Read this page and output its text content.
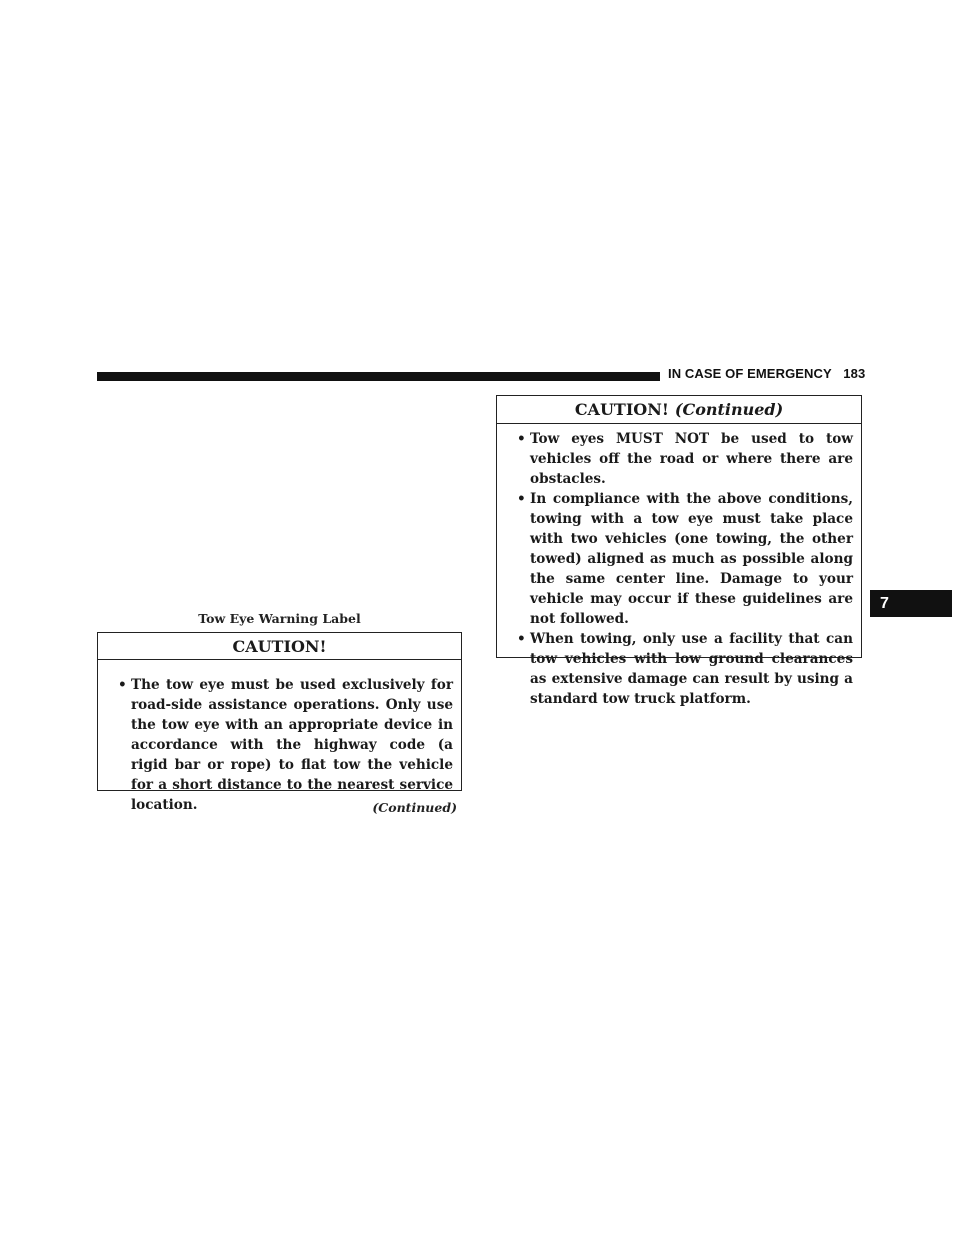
IN CASE OF EMERGENCY 183
Tow Eye Warning Label
CAUTION!
• The tow eye must be used exclusively for road-side assistance operations. Only use the tow eye with an appropriate device in accordance with the highway code (a rigid bar or rope) to flat tow the vehicle for a short distance to the nearest service location.	(Continued)
CAUTION! (Continued)
• Tow eyes MUST NOT be used to tow vehicles off the road or where there are obstacles.
• In compliance with the above conditions, towing with a tow eye must take place with two vehicles (one towing, the other towed) aligned as much as possible along the same center line. Damage to your vehicle may occur if these guidelines are not followed.
• When towing, only use a facility that can tow vehicles with low ground clearances as extensive damage can result by using a standard tow truck platform.
7
